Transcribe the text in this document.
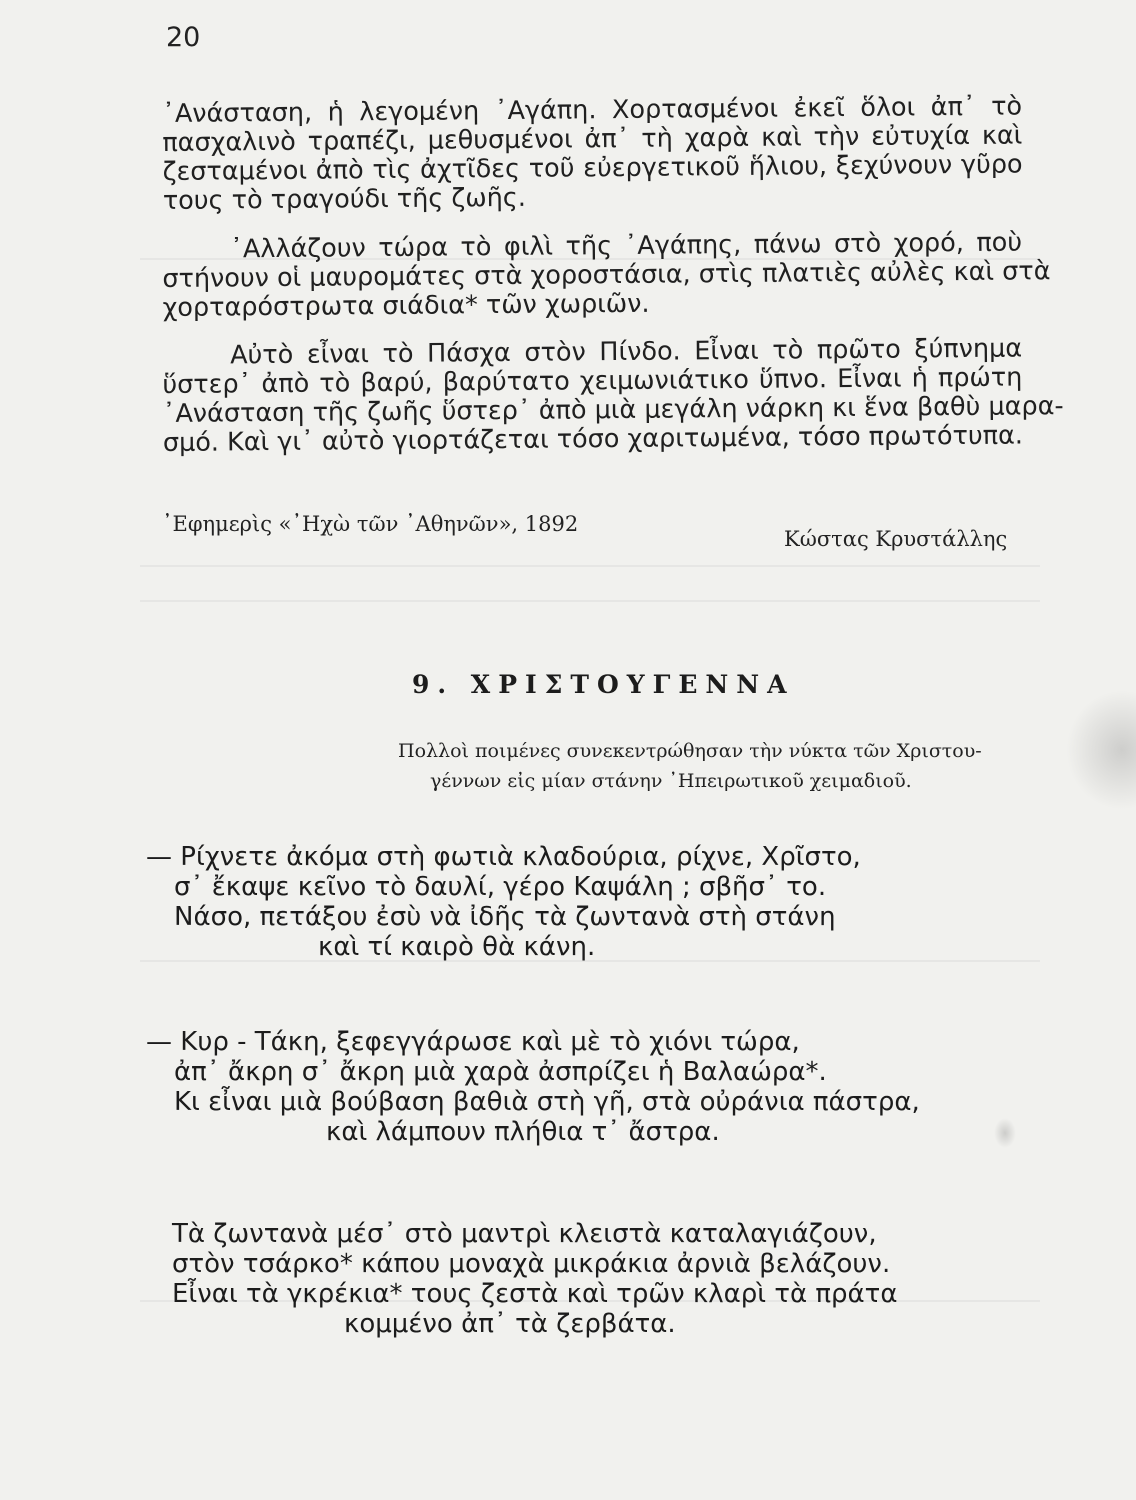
20
᾿Ανάσταση, ἡ λεγομένη ᾿Αγάπη. Χορτασμένοι ἐκεῖ ὅλοι ἀπ᾿ τὸ
πασχαλινὸ τραπέζι, μεθυσμένοι ἀπ᾿ τὴ χαρὰ καὶ τὴν εὐτυχία καὶ
ζεσταμένοι ἀπὸ τὶς ἀχτῖδες τοῦ εὐεργετικοῦ ἥλιου, ξεχύνουν γῦρο
τους τὸ τραγούδι τῆς ζωῆς.
᾿Αλλάζουν τώρα τὸ φιλὶ τῆς ᾿Αγάπης, πάνω στὸ χορό, ποὺ
στήνουν οἱ μαυρομάτες στὰ χοροστάσια, στὶς πλατιὲς αὐλὲς καὶ στὰ
χορταρόστρωτα σιάδια* τῶν χωριῶν.
Αὐτὸ εἶναι τὸ Πάσχα στὸν Πίνδο. Εἶναι τὸ πρῶτο ξύπνημα
ὕστερ᾿ ἀπὸ τὸ βαρύ, βαρύτατο χειμωνιάτικο ὕπνο. Εἶναι ἡ πρώτη
᾿Ανάσταση τῆς ζωῆς ὕστερ᾿ ἀπὸ μιὰ μεγάλη νάρκη κι ἕνα βαθὺ μαρα-
σμό. Καὶ γι᾿ αὐτὸ γιορτάζεται τόσο χαριτωμένα, τόσο πρωτότυπα.
᾿Εφημερὶς «᾿Ηχὼ τῶν ᾿Αθηνῶν», 1892
Κώστας Κρυστάλλης
9. ΧΡΙΣΤΟΥΓΕΝΝΑ
Πολλοὶ ποιμένες συνεκεντρώθησαν τὴν νύκτα τῶν Χριστου-
γέννων εἰς μίαν στάνην ᾿Ηπειρωτικοῦ χειμαδιοῦ.
— Ρίχνετε ἀκόμα στὴ φωτιὰ κλαδούρια, ρίχνε, Χρῖστο,
σ᾿ ἔκαψε κεῖνο τὸ δαυλί, γέρο Καψάλη ; σβῆσ᾿ το.
Νάσο, πετάξου ἐσὺ νὰ ἰδῆς τὰ ζωντανὰ στὴ στάνη
καὶ τί καιρὸ θὰ κάνη.
— Κυρ - Τάκη, ξεφεγγάρωσε καὶ μὲ τὸ χιόνι τώρα,
ἀπ᾿ ἄκρη σ᾿ ἄκρη μιὰ χαρὰ ἀσπρίζει ἡ Βαλαώρα*.
Κι εἶναι μιὰ βούβαση βαθιὰ στὴ γῆ, στὰ οὐράνια πάστρα,
καὶ λάμπουν πλήθια τ᾿ ἄστρα.
Τὰ ζωντανὰ μέσ᾿ στὸ μαντρὶ κλειστὰ καταλαγιάζουν,
στὸν τσάρκο* κάπου μοναχὰ μικράκια ἀρνιὰ βελάζουν.
Εἶναι τὰ γκρέκια* τους ζεστὰ καὶ τρῶν κλαρὶ τὰ πράτα
κομμένο ἀπ᾿ τὰ ζερβάτα.
